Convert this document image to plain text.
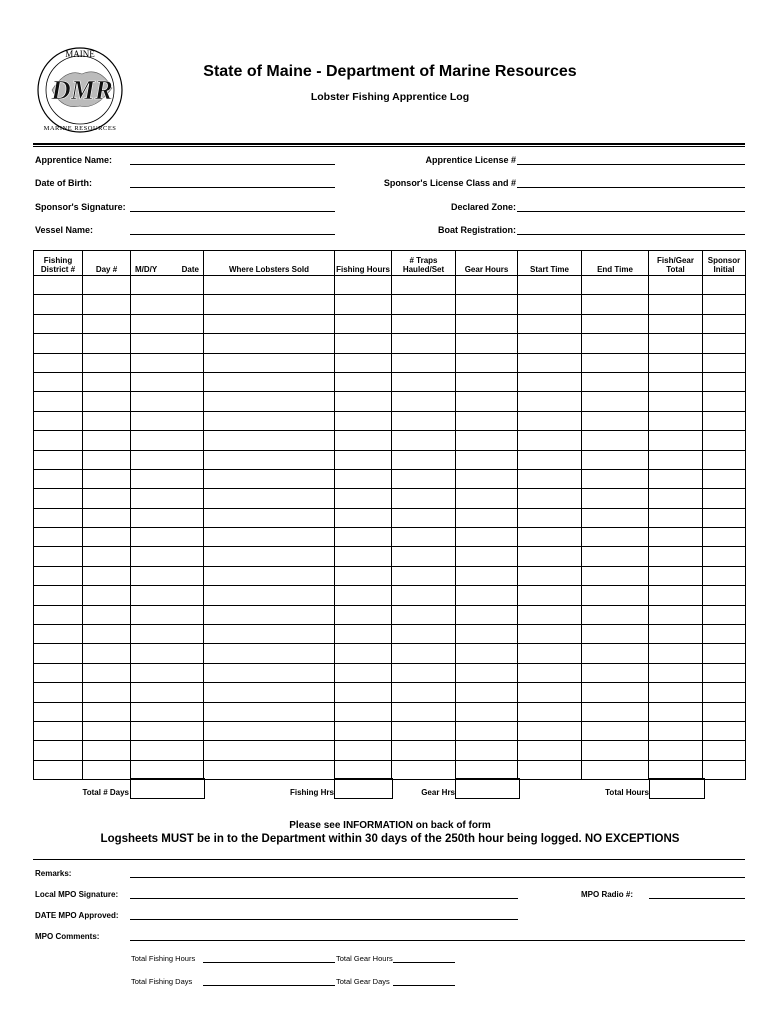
MAINE
DMR
MARINE RESOURCES
State of Maine - Department of Marine Resources
Lobster Fishing Apprentice Log
Apprentice Name:
Date of Birth:
Sponsor's Signature:
Vessel Name:
Apprentice License #
Sponsor's License Class and #
Declared Zone:
Boat Registration:
Fishing District #	Day #	M/D/Y Date	Where Lobsters Sold	Fishing Hours	# Traps Hauled/Set	Gear Hours	Start Time	End Time	Fish/Gear Total	Sponsor Initial

Total # Days	Fishing Hrs	Gear Hrs	Total Hours
Please see INFORMATION on back of form
Logsheets MUST be in to the Department within 30 days of the 250th hour being logged. NO EXCEPTIONS
Remarks:
Local MPO Signature:	MPO Radio #:
DATE MPO Approved:
MPO Comments:
Total Fishing Hours	Total Gear Hours
Total Fishing Days	Total Gear Days
